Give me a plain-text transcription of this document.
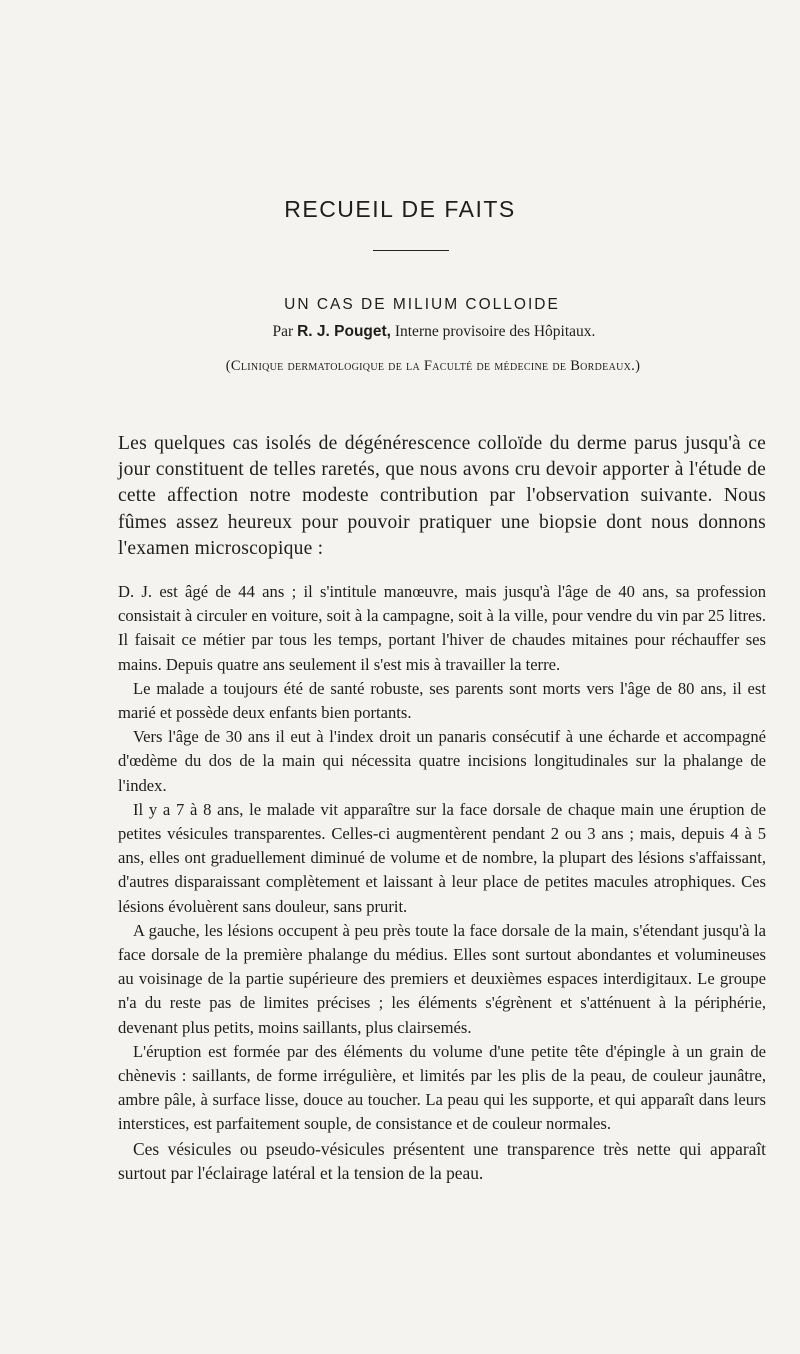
RECUEIL DE FAITS
UN CAS DE MILIUM COLLOIDE
Par R. J. Pouget, Interne provisoire des Hôpitaux.
(Clinique dermatologique de la Faculté de médecine de Bordeaux.)

Les quelques cas isolés de dégénérescence colloïde du derme parus jusqu'à ce jour constituent de telles raretés, que nous avons cru devoir apporter à l'étude de cette affection notre modeste contribution par l'observation suivante. Nous fûmes assez heureux pour pouvoir pratiquer une biopsie dont nous donnons l'examen microscopique :

D. J. est âgé de 44 ans ; il s'intitule manœuvre, mais jusqu'à l'âge de 40 ans, sa profession consistait à circuler en voiture, soit à la campagne, soit à la ville, pour vendre du vin par 25 litres. Il faisait ce métier par tous les temps, portant l'hiver de chaudes mitaines pour réchauffer ses mains. Depuis quatre ans seulement il s'est mis à travailler la terre.

Le malade a toujours été de santé robuste, ses parents sont morts vers l'âge de 80 ans, il est marié et possède deux enfants bien portants.

Vers l'âge de 30 ans il eut à l'index droit un panaris consécutif à une écharde et accompagné d'œdème du dos de la main qui nécessita quatre incisions longitudinales sur la phalange de l'index.

Il y a 7 à 8 ans, le malade vit apparaître sur la face dorsale de chaque main une éruption de petites vésicules transparentes. Celles-ci augmentèrent pendant 2 ou 3 ans ; mais, depuis 4 à 5 ans, elles ont graduellement diminué de volume et de nombre, la plupart des lésions s'affaissant, d'autres disparaissant complètement et laissant à leur place de petites macules atrophiques. Ces lésions évoluèrent sans douleur, sans prurit.

A gauche, les lésions occupent à peu près toute la face dorsale de la main, s'étendant jusqu'à la face dorsale de la première phalange du médius. Elles sont surtout abondantes et volumineuses au voisinage de la partie supérieure des premiers et deuxièmes espaces interdigitaux. Le groupe n'a du reste pas de limites précises ; les éléments s'égrènent et s'atténuent à la périphérie, devenant plus petits, moins saillants, plus clairsemés.

L'éruption est formée par des éléments du volume d'une petite tête d'épingle à un grain de chènevis : saillants, de forme irrégulière, et limités par les plis de la peau, de couleur jaunâtre, ambre pâle, à surface lisse, douce au toucher. La peau qui les supporte, et qui apparaît dans leurs interstices, est parfaitement souple, de consistance et de couleur normales.

Ces vésicules ou pseudo-vésicules présentent une transparence très nette qui apparaît surtout par l'éclairage latéral et la tension de la peau.
